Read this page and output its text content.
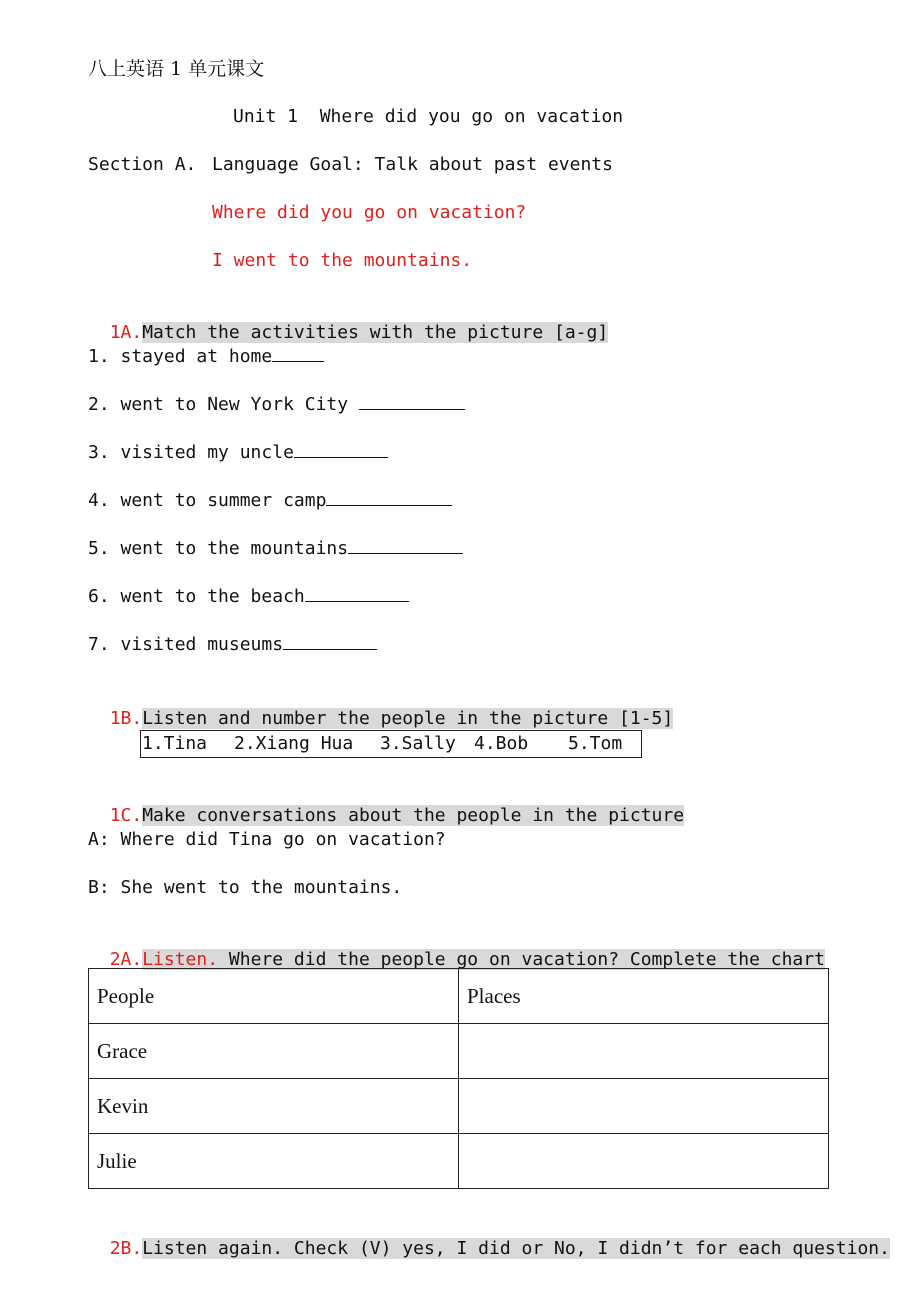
八上英语 1 单元课文
Unit 1  Where did you go on vacation
Section A. Language Goal: Talk about past events
Where did you go on vacation?
I went to the mountains.

1A.Match the activities with the picture [a-g]

1. stayed at home
2. went to New York City
3. visited my uncle
4. went to summer camp
5. went to the mountains
6. went to the beach
7. visited museums

1B.Listen and number the people in the picture [1-5]

1.Tina

2.Xiang Hua

3.Sally

4.Bob

5.Tom

1C.Make conversations about the people in the picture

A: Where did Tina go on vacation?
B: She went to the mountains.

2A.Listen. Where did the people go on vacation? Complete the chart

People	Places
Grace	
Kevin	
Julie	

2B.Listen again. Check (V) yes, I did or No, I didn’t for each question.
